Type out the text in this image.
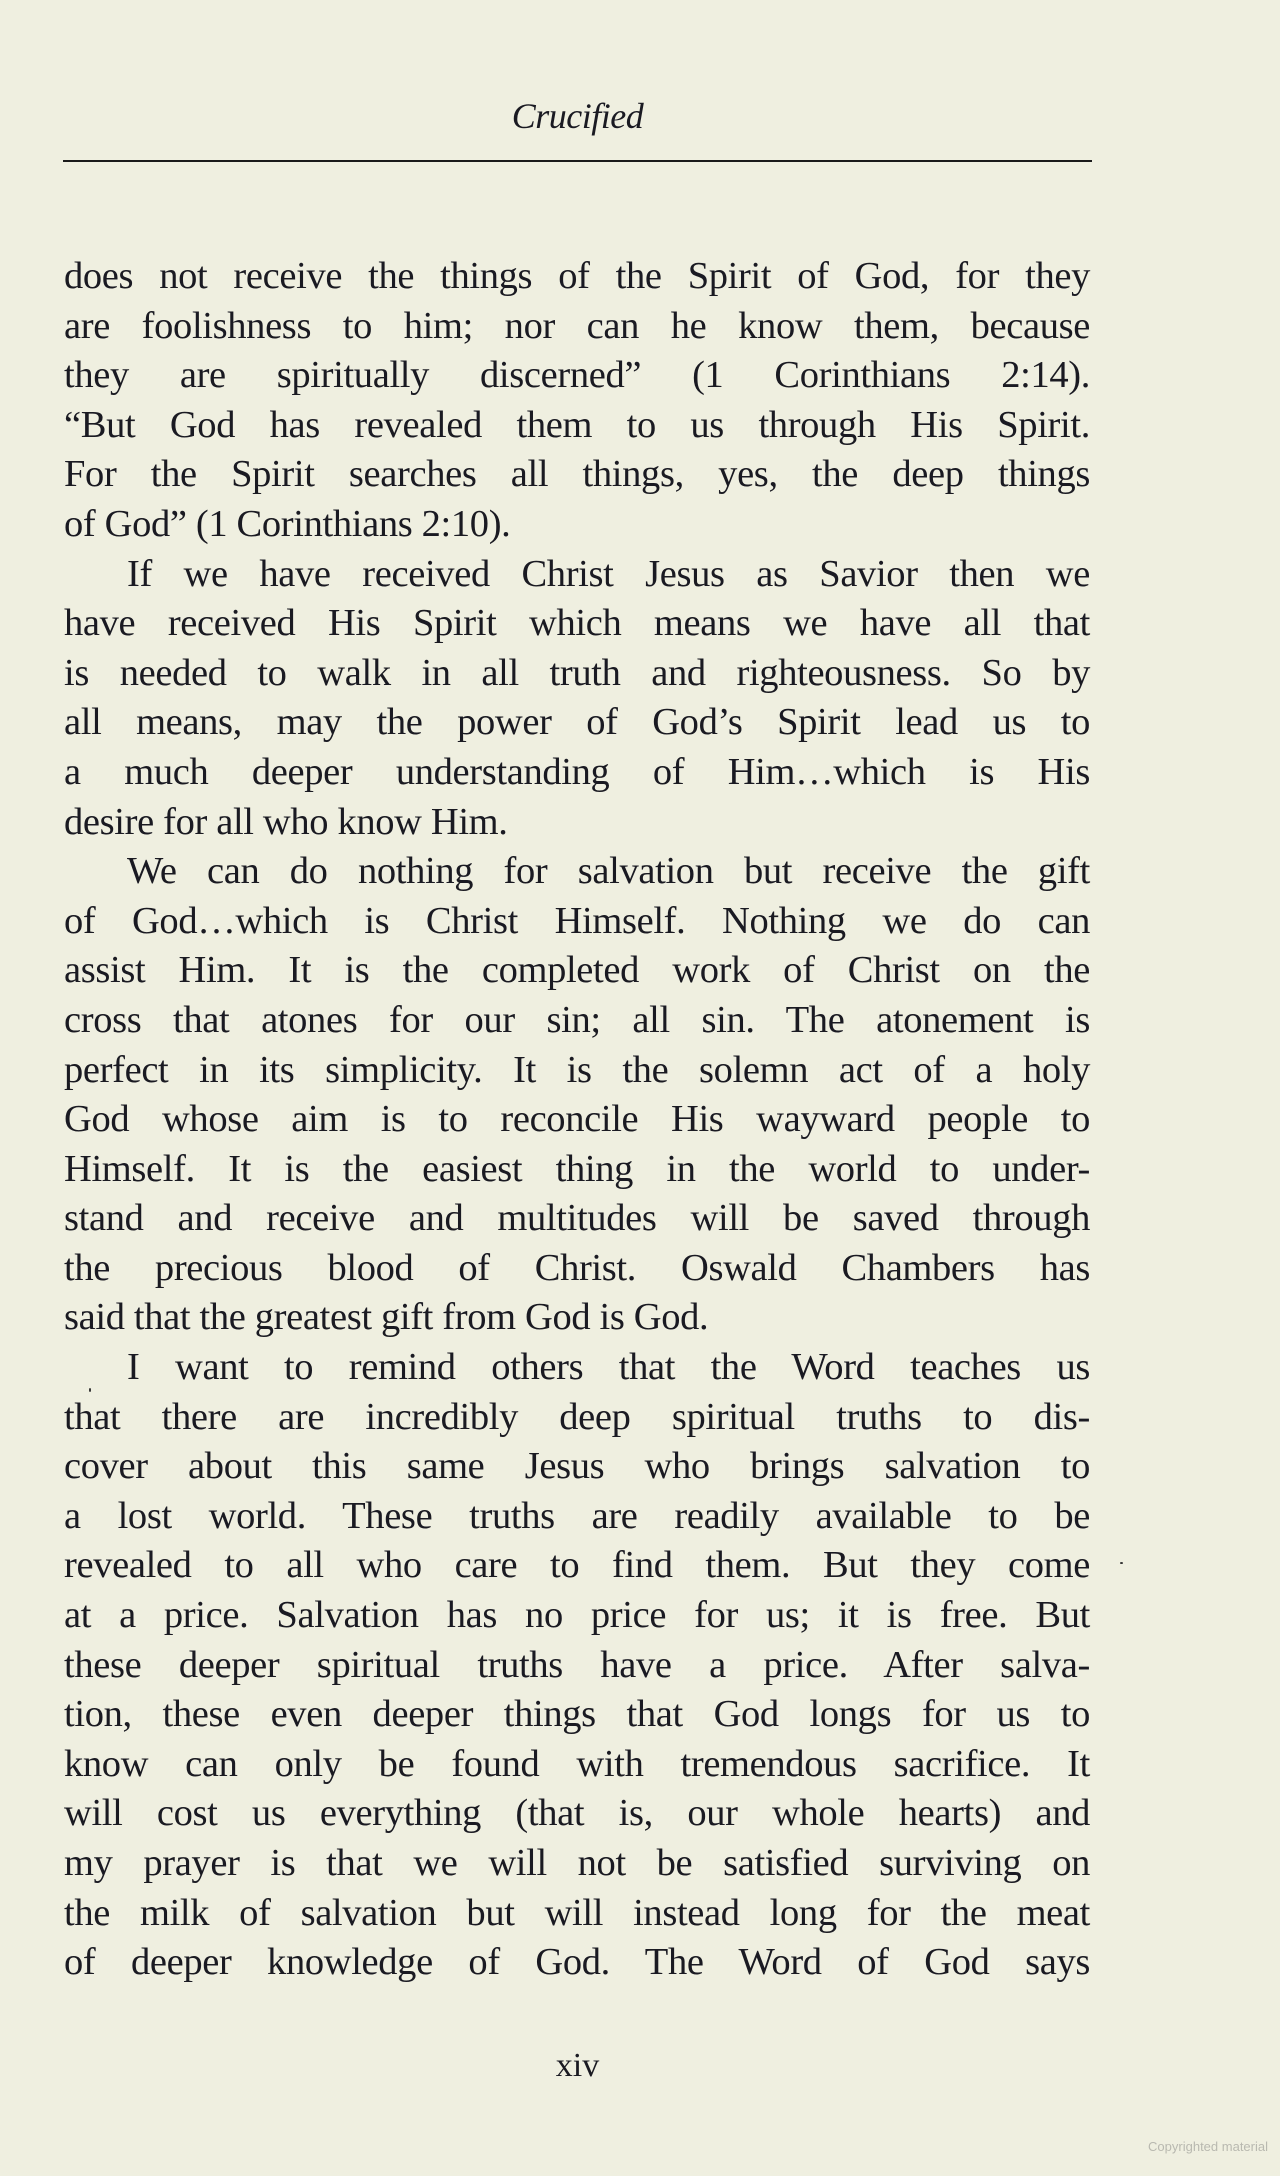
Crucified
does not receive the things of the Spirit of God, for they
are foolishness to him; nor can he know them, because
they are spiritually discerned” (1 Corinthians 2:14).
“But God has revealed them to us through His Spirit.
For the Spirit searches all things, yes, the deep things
of God” (1 Corinthians 2:10).
If we have received Christ Jesus as Savior then we
have received His Spirit which means we have all that
is needed to walk in all truth and righteousness. So by
all means, may the power of God’s Spirit lead us to
a much deeper understanding of Him…which is His
desire for all who know Him.
We can do nothing for salvation but receive the gift
of God…which is Christ Himself. Nothing we do can
assist Him. It is the completed work of Christ on the
cross that atones for our sin; all sin. The atonement is
perfect in its simplicity. It is the solemn act of a holy
God whose aim is to reconcile His wayward people to
Himself. It is the easiest thing in the world to under-
stand and receive and multitudes will be saved through
the precious blood of Christ. Oswald Chambers has
said that the greatest gift from God is God.
I want to remind others that the Word teaches us
that there are incredibly deep spiritual truths to dis-
cover about this same Jesus who brings salvation to
a lost world. These truths are readily available to be
revealed to all who care to find them. But they come
at a price. Salvation has no price for us; it is free. But
these deeper spiritual truths have a price. After salva-
tion, these even deeper things that God longs for us to
know can only be found with tremendous sacrifice. It
will cost us everything (that is, our whole hearts) and
my prayer is that we will not be satisfied surviving on
the milk of salvation but will instead long for the meat
of deeper knowledge of God. The Word of God says
xiv
Copyrighted material
